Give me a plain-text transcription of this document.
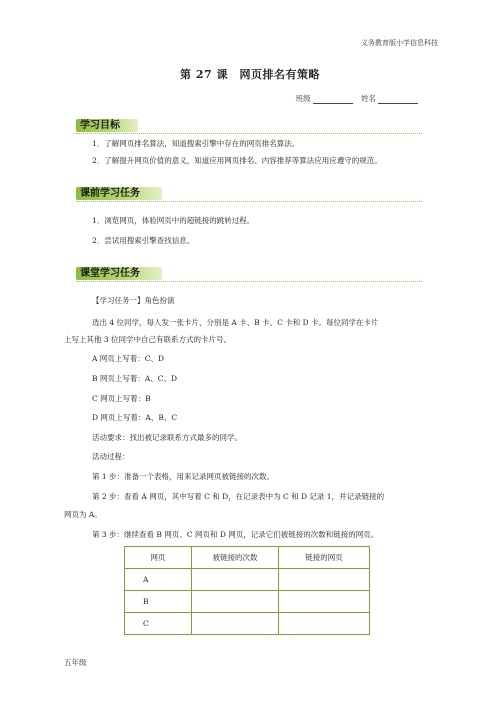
义务教育版小学信息科技
第 27 课　网页排名有策略
班级	姓名
学习目标
1．了解网页排名算法，知道搜索引擎中存在的网页排名算法。
2．了解提升网页价值的意义，知道应用网页排名、内容推荐等算法应用应遵守的规范。
课前学习任务
1．浏览网页，体验网页中的超链接的跳转过程。
2．尝试用搜索引擎查找信息。
课堂学习任务
【学习任务一】角色扮演
选出 4 位同学，每人发一张卡片，分别是 A 卡、B 卡、C 卡和 D 卡。每位同学在卡片
上写上其他 3 位同学中自己有联系方式的卡片号。
A 网页上写着：C、D
B 网页上写着：A、C、D
C 网页上写着：B
D 网页上写着：A、B、C
活动要求：找出被记录联系方式最多的同学。
活动过程：
第 1 步：准备一个表格，用来记录网页被链接的次数。
第 2 步：查看 A 网页，其中写着 C 和 D，在记录表中为 C 和 D 记录 1，并记录链接的
网页为 A。
第 3 步：继续查看 B 网页、C 网页和 D 网页，记录它们被链接的次数和链接的网页。
网页	被链接的次数	链接的网页
A		
B		
C		
五年级
